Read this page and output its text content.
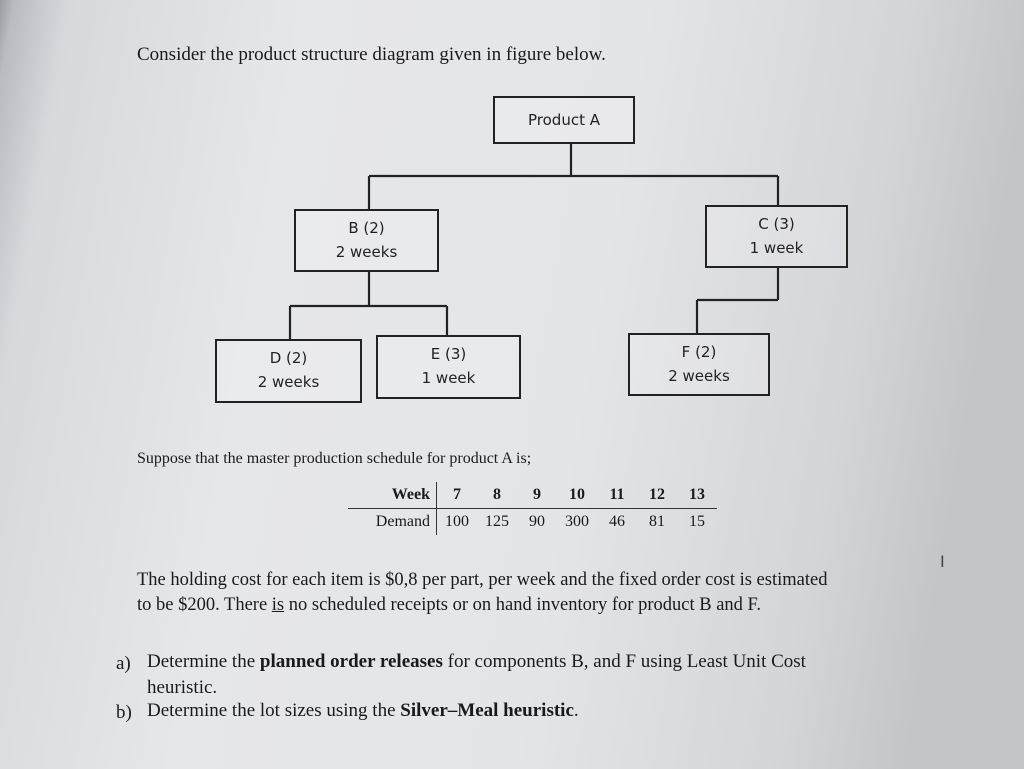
Consider the product structure diagram given in figure below.
Product A
B (2)
2 weeks
C (3)
1 week
D (2)
2 weeks
E (3)
1 week
F (2)
2 weeks
Suppose that the master production schedule for product A is;
Week	7	8	9	10	11	12	13
Demand	100	125	90	300	46	81	15
I
The holding cost for each item is $0,8 per part, per week and the fixed order cost is estimated
to be $200. There is no scheduled receipts or on hand inventory for product B and F.
a) Determine the planned order releases for components B, and F using Least Unit Cost
heuristic.
b) Determine the lot sizes using the Silver–Meal heuristic.
